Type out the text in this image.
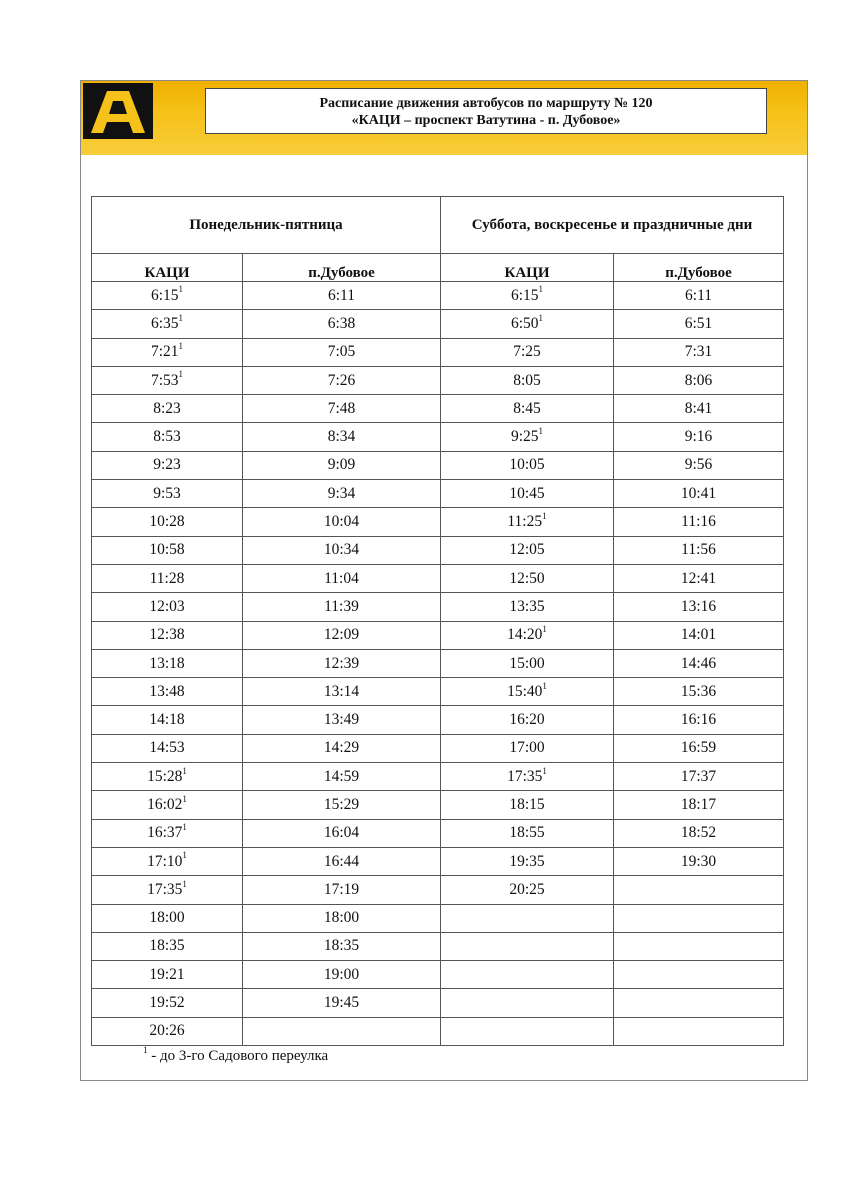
Расписание движения автобусов по маршруту № 120
«КАЦИ – проспект Ватутина - п. Дубовое»
Понедельник-пятница		Суббота, воскресенье и праздничные дни	
КАЦИ	п.Дубовое	КАЦИ	п.Дубовое
$6:15^1$	6:11	$6:15^1$	6:11
$6:35^1$	6:38	$6:50^1$	6:51
$7:21^1$	7:05	7:25	7:31
$7:53^1$	7:26	8:05	8:06
8:23	7:48	8:45	8:41
8:53	8:34	$9:25^1$	9:16
9:23	9:09	10:05	9:56
9:53	9:34	10:45	10:41
10:28	10:04	$11:25^1$	11:16
10:58	10:34	12:05	11:56
11:28	11:04	12:50	12:41
12:03	11:39	13:35	13:16
12:38	12:09	$14:20^1$	14:01
13:18	12:39	15:00	14:46
13:48	13:14	$15:40^1$	15:36
14:18	13:49	16:20	16:16
14:53	14:29	17:00	16:59
$15:28^1$	14:59	$17:35^1$	17:37
$16:02^1$	15:29	18:15	18:17
$16:37^1$	16:04	18:55	18:52
$17:10^1$	16:44	19:35	19:30
$17:35^1$	17:19	20:25	
18:00	18:00		
18:35	18:35		
19:21	19:00		
19:52	19:45		
20:26			
$^1$ - до 3-го Садового переулка
